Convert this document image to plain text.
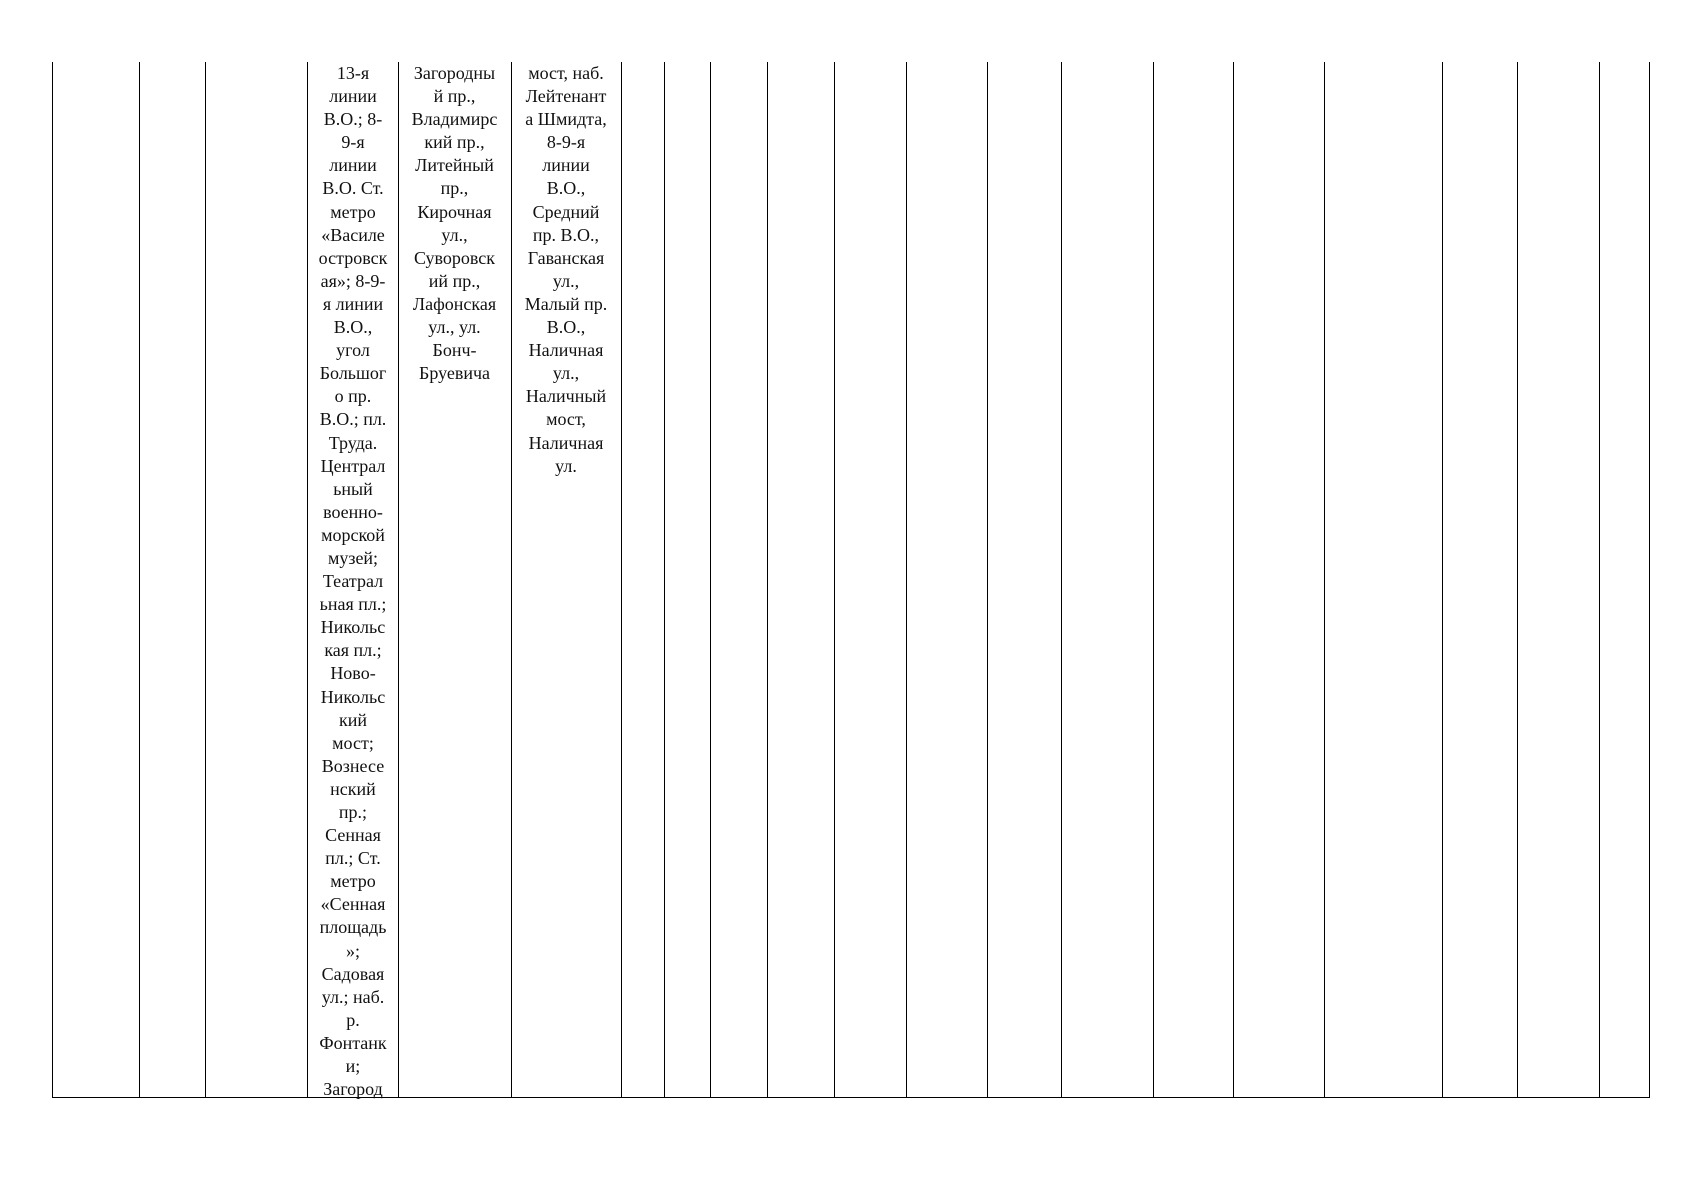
13-я
линии
В.О.; 8-
9-я
линии
В.О. Ст.
метро
«Василе
островск
ая»; 8-9-
я линии
В.О.,
угол
Большог
о пр.
В.О.; пл.
Труда.
Централ
ьный
военно-
морской
музей;
Театрал
ьная пл.;
Никольс
кая пл.;
Ново-
Никольс
кий
мост;
Вознесе
нский
пр.;
Сенная
пл.; Ст.
метро
«Сенная
площадь
»;
Садовая
ул.; наб.
р.
Фонтанк
и;
Загород
Загородны
й пр.,
Владимирс
кий пр.,
Литейный
пр.,
Кирочная
ул.,
Суворовск
ий пр.,
Лафонская
ул., ул.
Бонч-
Бруевича
мост, наб.
Лейтенант
а Шмидта,
8-9-я
линии
В.О.,
Средний
пр. В.О.,
Гаванская
ул.,
Малый пр.
В.О.,
Наличная
ул.,
Наличный
мост,
Наличная
ул.
